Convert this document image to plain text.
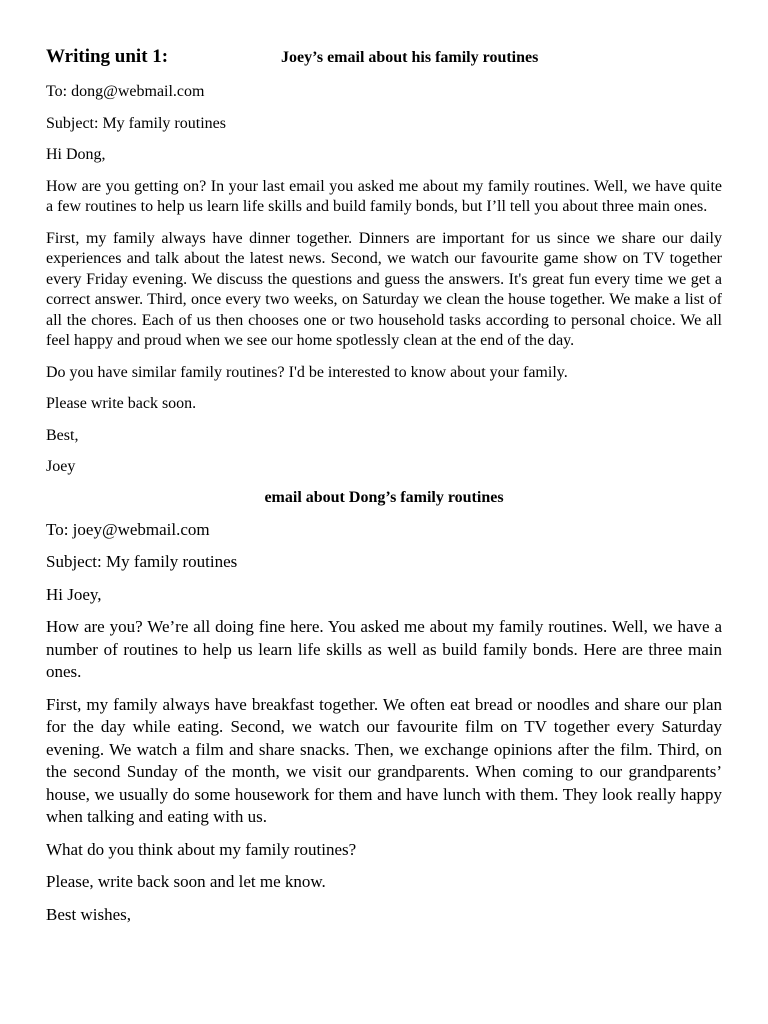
Writing unit 1:	Joey’s email about his family routines

To: dong@webmail.com

Subject: My family routines

Hi Dong,

How are you getting on? In your last email you asked me about my family routines. Well, we have quite a few routines to help us learn life skills and build family bonds, but I’ll tell you about three main ones.

First, my family always have dinner together. Dinners are important for us since we share our daily experiences and talk about the latest news. Second, we watch our favourite game show on TV together every Friday evening. We discuss the questions and guess the answers. It's great fun every time we get a correct answer. Third, once every two weeks, on Saturday we clean the house together. We make a list of all the chores. Each of us then chooses one or two household tasks according to personal choice. We all feel happy and proud when we see our home spotlessly clean at the end of the day.

Do you have similar family routines? I'd be interested to know about your family.

Please write back soon.

Best,

Joey

email about Dong’s family routines

To: joey@webmail.com

Subject: My family routines

Hi Joey,

How are you? We’re all doing fine here. You asked me about my family routines. Well, we have a number of routines to help us learn life skills as well as build family bonds. Here are three main ones.

First, my family always have breakfast together. We often eat bread or noodles and share our plan for the day while eating. Second, we watch our favourite film on TV together every Saturday evening. We watch a film and share snacks. Then, we exchange opinions after the film. Third, on the second Sunday of the month, we visit our grandparents. When coming to our grandparents’ house, we usually do some housework for them and have lunch with them. They look really happy when talking and eating with us.

What do you think about my family routines?

Please, write back soon and let me know.

Best wishes,
